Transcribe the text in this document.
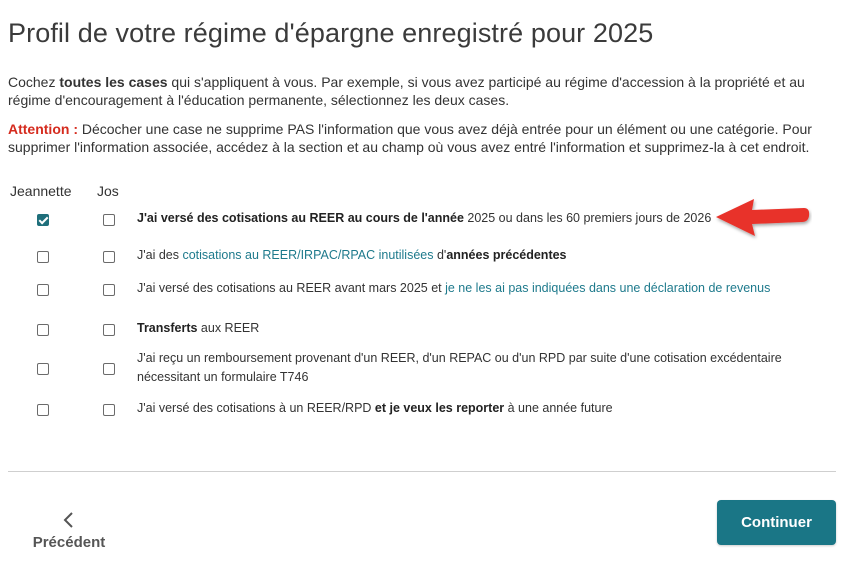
Profil de votre régime d'épargne enregistré pour 2025

Cochez toutes les cases qui s'appliquent à vous. Par exemple, si vous avez participé au régime d'accession à la propriété et au régime d'encouragement à l'éducation permanente, sélectionnez les deux cases.

Attention : Décocher une case ne supprime PAS l'information que vous avez déjà entrée pour un élément ou une catégorie. Pour supprimer l'information associée, accédez à la section et au champ où vous avez entré l'information et supprimez-la à cet endroit.

Jeannette Jos
J'ai versé des cotisations au REER au cours de l'année 2025 ou dans les 60 premiers jours de 2026
J'ai des cotisations au REER/IRPAC/RPAC inutilisées d'années précédentes
J'ai versé des cotisations au REER avant mars 2025 et je ne les ai pas indiquées dans une déclaration de revenus
Transferts aux REER
J'ai reçu un remboursement provenant d'un REER, d'un REPAC ou d'un RPD par suite d'une cotisation excédentaire nécessitant un formulaire T746
J'ai versé des cotisations à un REER/RPD et je veux les reporter à une année future
Précédent
Continuer
